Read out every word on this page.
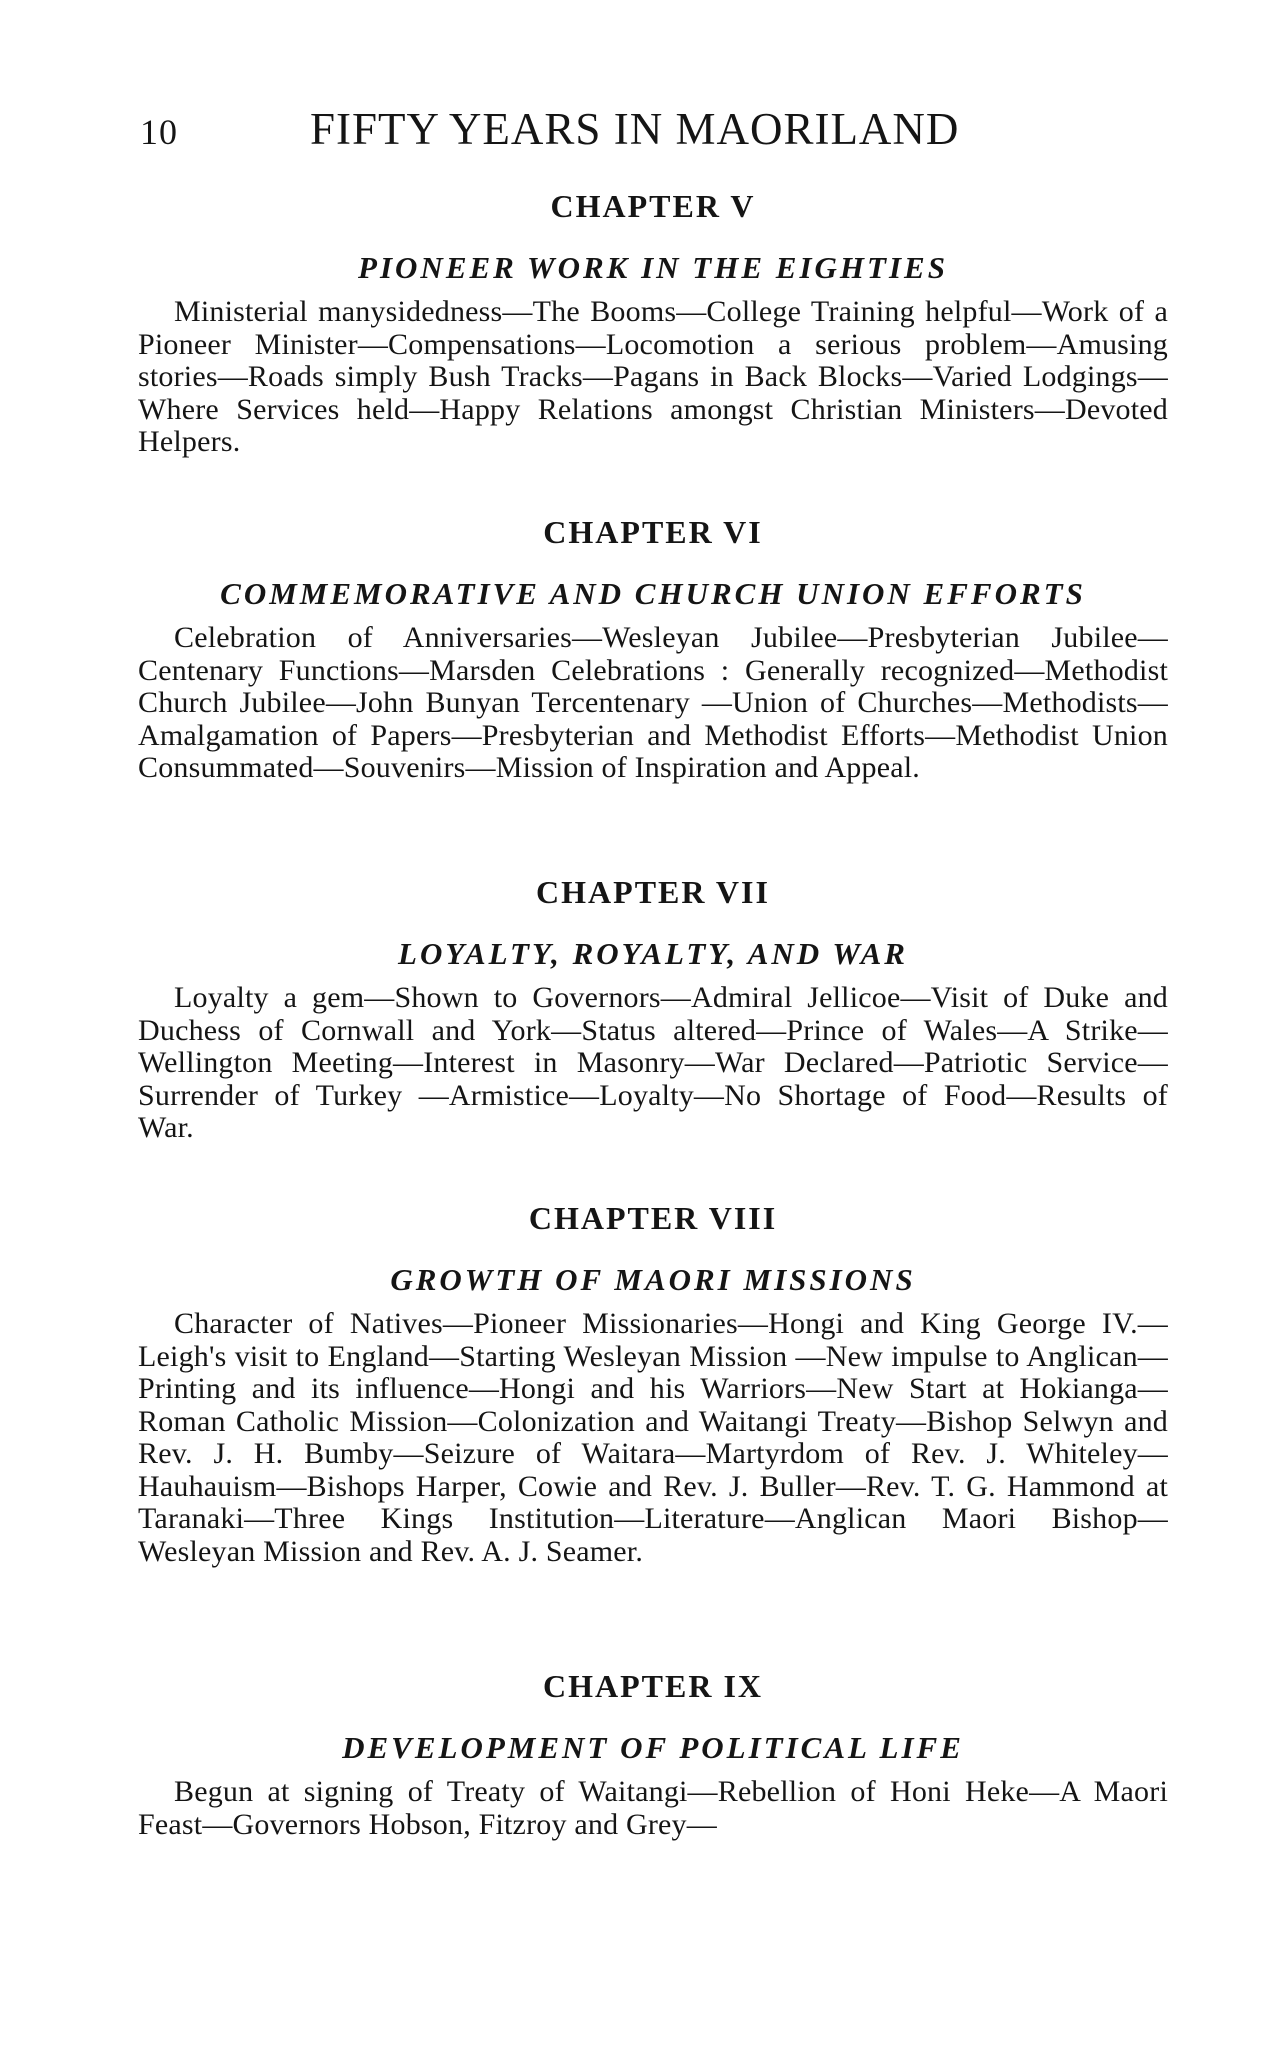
10	FIFTY YEARS IN MAORILAND
CHAPTER V
PIONEER WORK IN THE EIGHTIES

Ministerial manysidedness—The Booms—College Training helpful—Work of a Pioneer Minister—Compensations—Locomotion a serious problem—Amusing stories—Roads simply Bush Tracks—Pagans in Back Blocks—Varied Lodgings—Where Services held—Happy Relations amongst Christian Ministers—Devoted Helpers.

CHAPTER VI
COMMEMORATIVE AND CHURCH UNION EFFORTS

Celebration of Anniversaries—Wesleyan Jubilee—Presbyterian Jubilee—Centenary Functions—Marsden Celebrations : Generally recognized—Methodist Church Jubilee—John Bunyan Tercentenary —Union of Churches—Methodists—Amalgamation of Papers—Presbyterian and Methodist Efforts—Methodist Union Consummated—Souvenirs—Mission of Inspiration and Appeal.

CHAPTER VII
LOYALTY, ROYALTY, AND WAR

Loyalty a gem—Shown to Governors—Admiral Jellicoe—Visit of Duke and Duchess of Cornwall and York—Status altered—Prince of Wales—A Strike—Wellington Meeting—Interest in Masonry—War Declared—Patriotic Service—Surrender of Turkey —Armistice—Loyalty—No Shortage of Food—Results of War.

CHAPTER VIII
GROWTH OF MAORI MISSIONS

Character of Natives—Pioneer Missionaries—Hongi and King George IV.—Leigh's visit to England—Starting Wesleyan Mission —New impulse to Anglican—Printing and its influence—Hongi and his Warriors—New Start at Hokianga—Roman Catholic Mission—Colonization and Waitangi Treaty—Bishop Selwyn and Rev. J. H. Bumby—Seizure of Waitara—Martyrdom of Rev. J. Whiteley—Hauhauism—Bishops Harper, Cowie and Rev. J. Buller—Rev. T. G. Hammond at Taranaki—Three Kings Institution—Literature—Anglican Maori Bishop—Wesleyan Mission and Rev. A. J. Seamer.

CHAPTER IX
DEVELOPMENT OF POLITICAL LIFE

Begun at signing of Treaty of Waitangi—Rebellion of Honi Heke—A Maori Feast—Governors Hobson, Fitzroy and Grey—
